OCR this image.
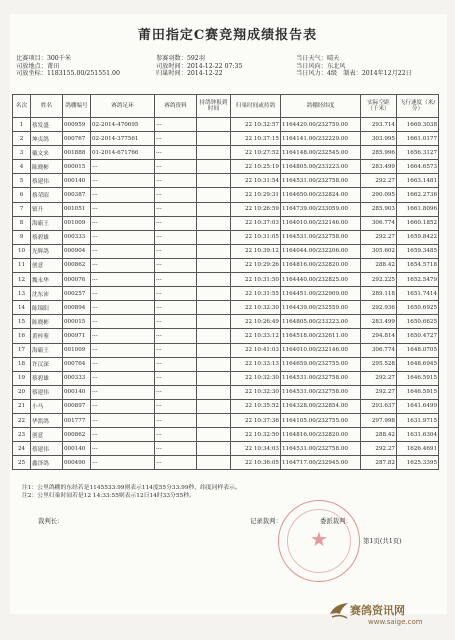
莆田指定C赛竞翔成绩报告表
比赛项目：300千米	参赛羽数：592羽	当日天气：晴天
司放地点：莆田	司放时间：2014-12-22 07:35	当日风向：东北风
司放坐标：1183155.00/251551.00	归巢时间：2014-12-22	当日风力：4级　 制表：2014年12月22日
名次	姓名	鸽棚编号	赛鸽足环	赛鸽资料	持鸽钟报到时间	归巢时间或持鸽	鸽棚经纬度	实际空距（千米）	飞行速度（米/分）
1	蔡发盛	000959	02-2014-470695	---		22 10:32:57	1164420.00/232759.00	293.714	1669.3038
2	坤贞鸽	000767	02-2014-377561	---		22 10:37:15	1164141.00/232229.00	303.995	1661.0177
3	戴文来	001888	01-2014-671766	---		22 10:27:52	1164148.00/232545.00	285.996	1656.3127
4	陈晓彬	000015	---	---		22 10:25:19	1164805.00/233223.00	283.499	1664.6573
5	蔡建伟	000140	---	---		22 10:31:54	1164531.00/232758.00	292.27	1663.1481
6	蔡荣昭	000387	---	---		22 10:29:31	1164650.00/232824.00	290.095	1662.2736
7	镇升	001051	---	---		22 10:26:59	1164739.00/233059.00	285.903	1661.8096
8	海霸王	001009	---	---		22 10:37:03	1164010.00/232146.00	306.774	1660.1852
9	蔡碧雄	000333	---	---		22 10:31:05	1164531.00/232758.00	292.27	1659.8422
10	光辉鸽	000904	---	---		22 10:39:12	1164044.00/232206.00	305.602	1659.3485
11	创意	000862	---	---		22 10:29:26	1164816.00/232820.00	288.42	1654.5718
12	魏永华	000076	---	---		22 10:31:50	1164440.00/232825.00	292.225	1652.5479
13	沈东沛	000257	---	---		22 10:31:55	1164451.00/232909.00	289.118	1651.7414
14	陈锦阳	000894	---	---		22 10:32:30	1164439.00/232559.00	292.936	1650.6925
15	陈晓彬	000015	---	---		22 10:26:49	1164805.00/233223.00	283.499	1650.6625
16	黄梓鉴	000971	---	---		22 10:33:12	1164518.00/232611.00	294.814	1650.4727
17	海霸王	001009	---	---		22 10:41:03	1164010.00/232146.00	306.774	1648.0705
18	许汉深	000764	---	---		22 10:33:13	1164659.00/232755.00	295.528	1648.6945
19	蔡碧雄	000333	---	---		22 10:32:30	1164531.00/232758.00	292.27	1646.5915
20	蔡建伟	000140	---	---		22 10:32:30	1164531.00/232758.00	292.27	1646.5915
21	小马	000897	---	---		22 10:35:52	1164328.00/232854.00	293.637	1641.6499
22	华凯鸽	001777	---	---		22 10:37:36	1164105.00/232755.00	297.998	1631.9715
23	创意	000862	---	---		22 10:32:50	1164816.00/232820.00	288.42	1631.6304
24	蔡建伟	000140	---	---		22 10:34:03	1164531.00/232758.00	292.27	1626.4691
25	鑫泽鸽	000490	---	---		22 10:36:05	1164717.00/232945.00	287.82	1625.3395
注1：公里鸽棚的东经若是1145533.99则表示114度55分33.99秒，纬度同样表示。
注2：公里归巢时间若是12 14:33:55则表示12日14时33分55秒。
裁判长：	记录裁判：	委派裁判：
第1页(共1页)
★
赛鸽资讯网
www.saige.com
